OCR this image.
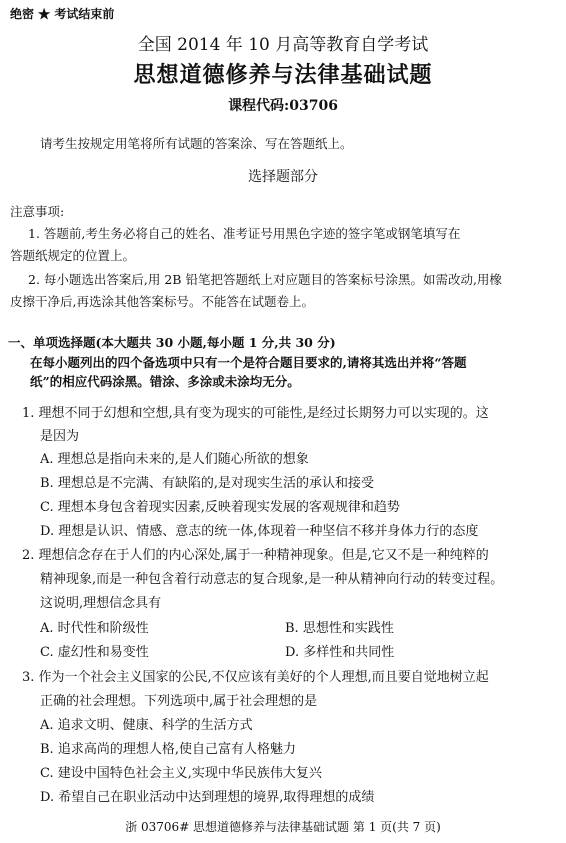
绝密 ★ 考试结束前
全国 2014 年 10 月高等教育自学考试
思想道德修养与法律基础试题
课程代码:03706
请考生按规定用笔将所有试题的答案涂、写在答题纸上。
选择题部分
注意事项:
1. 答题前,考生务必将自己的姓名、准考证号用黑色字迹的签字笔或钢笔填写在
答题纸规定的位置上。
2. 每小题选出答案后,用 2B 铅笔把答题纸上对应题目的答案标号涂黑。如需改动,用橡
皮擦干净后,再选涂其他答案标号。不能答在试题卷上。
一、单项选择题(本大题共 30 小题,每小题 1 分,共 30 分)
在每小题列出的四个备选项中只有一个是符合题目要求的,请将其选出并将“答题
纸”的相应代码涂黑。错涂、多涂或未涂均无分。
1. 理想不同于幻想和空想,具有变为现实的可能性,是经过长期努力可以实现的。这
是因为
A. 理想总是指向未来的,是人们随心所欲的想象
B. 理想总是不完满、有缺陷的,是对现实生活的承认和接受
C. 理想本身包含着现实因素,反映着现实发展的客观规律和趋势
D. 理想是认识、情感、意志的统一体,体现着一种坚信不移并身体力行的态度
2. 理想信念存在于人们的内心深处,属于一种精神现象。但是,它又不是一种纯粹的
精神现象,而是一种包含着行动意志的复合现象,是一种从精神向行动的转变过程。
这说明,理想信念具有
A. 时代性和阶级性	B. 思想性和实践性
C. 虚幻性和易变性	D. 多样性和共同性
3. 作为一个社会主义国家的公民,不仅应该有美好的个人理想,而且要自觉地树立起
正确的社会理想。下列选项中,属于社会理想的是
A. 追求文明、健康、科学的生活方式
B. 追求高尚的理想人格,使自己富有人格魅力
C. 建设中国特色社会主义,实现中华民族伟大复兴
D. 希望自己在职业活动中达到理想的境界,取得理想的成绩
浙 03706# 思想道德修养与法律基础试题 第 1 页(共 7 页)
